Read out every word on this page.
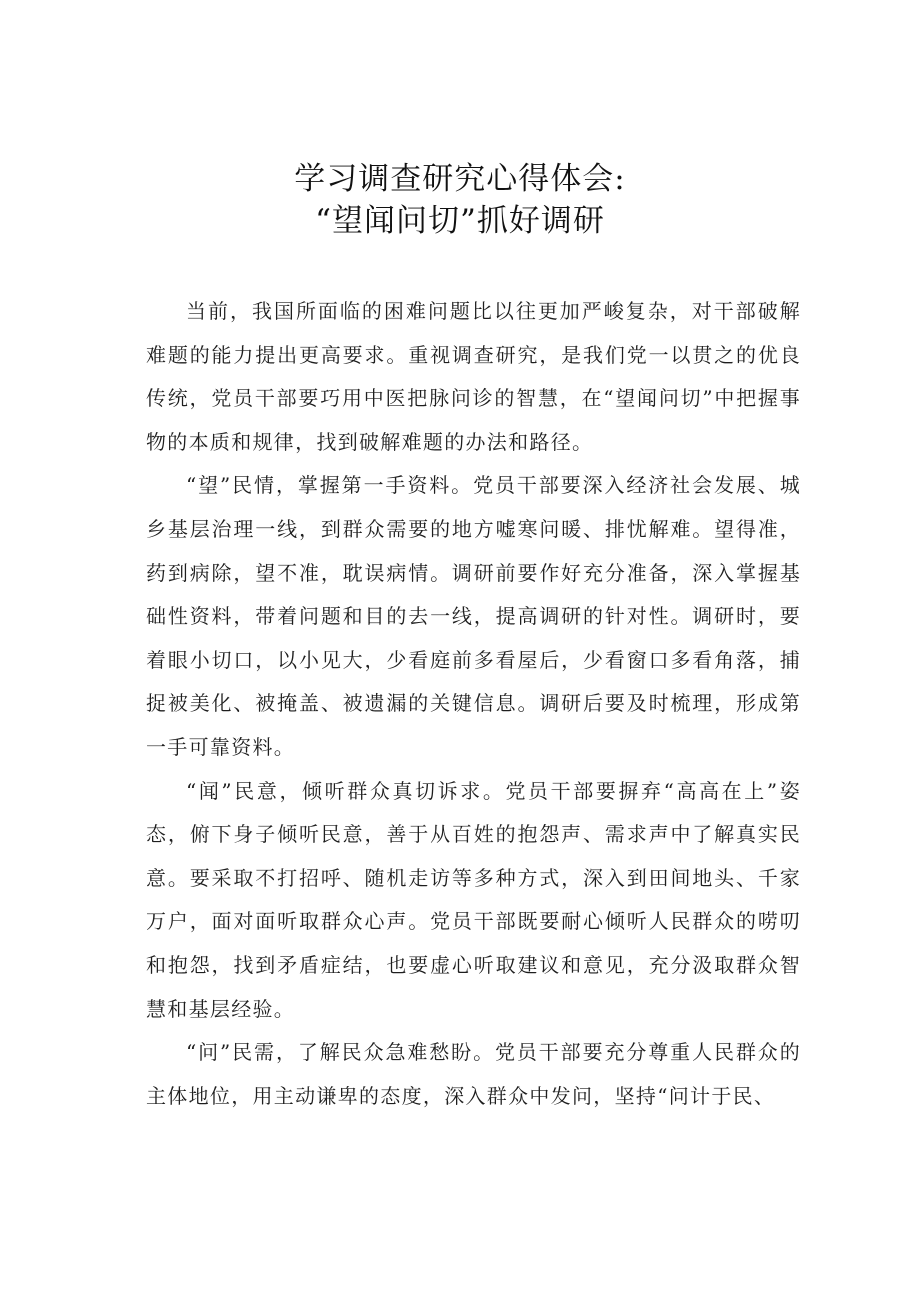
学习调查研究心得体会:
“望闻问切”抓好调研

当前，我国所面临的困难问题比以往更加严峻复杂，对干部破解难题的能力提出更高要求。重视调查研究，是我们党一以贯之的优良传统，党员干部要巧用中医把脉问诊的智慧，在“望闻问切”中把握事物的本质和规律，找到破解难题的办法和路径。

“望”民情，掌握第一手资料。党员干部要深入经济社会发展、城乡基层治理一线，到群众需要的地方嘘寒问暖、排忧解难。望得准，药到病除，望不准，耽误病情。调研前要作好充分准备，深入掌握基础性资料，带着问题和目的去一线，提高调研的针对性。调研时，要着眼小切口，以小见大，少看庭前多看屋后，少看窗口多看角落，捕捉被美化、被掩盖、被遗漏的关键信息。调研后要及时梳理，形成第一手可靠资料。

“闻”民意，倾听群众真切诉求。党员干部要摒弃“高高在上”姿态，俯下身子倾听民意，善于从百姓的抱怨声、需求声中了解真实民意。要采取不打招呼、随机走访等多种方式，深入到田间地头、千家万户，面对面听取群众心声。党员干部既要耐心倾听人民群众的唠叨和抱怨，找到矛盾症结，也要虚心听取建议和意见，充分汲取群众智慧和基层经验。

“问”民需，了解民众急难愁盼。党员干部要充分尊重人民群众的主体地位，用主动谦卑的态度，深入群众中发问，坚持“问计于民、
